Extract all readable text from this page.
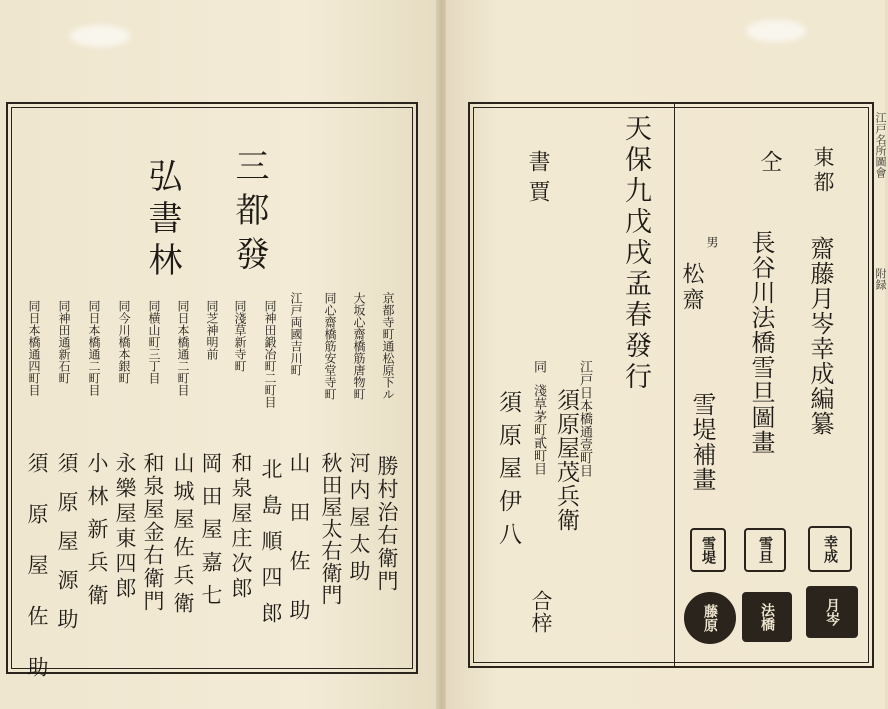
三都發
弘書林
京都寺町通松原下ル
勝村治右衛門
大坂心齋橋筋唐物町
河内屋太助
同心齋橋筋安堂寺町
秋田屋太右衛門
江戸両國吉川町
山田佐助
同神田鍛冶町二町目
北島順四郎
同淺草新寺町
和泉屋庄次郎
同芝神明前
岡田屋嘉七
同日本橋通二町目
山城屋佐兵衛
同横山町三丁目
和泉屋金右衛門
同今川橋本銀町
永樂屋東四郎
同日本橋通二町目
小林新兵衛
同神田通新石町
須原屋源助
同日本橋通四町目
須原屋佐助
東都
齋藤月岑幸成編纂
仝
長谷川法橋雪旦圖畫
男
松齋
雪堤補畫
幸成
雪旦
雪堤
月岑
法橋
藤原
天保九戊戌孟春發行
書賈
江戸日本橋通壹町目
須原屋茂兵衛
同
淺草茅町貳町目
須原屋伊八
合梓
江戸名所圖會
附録
